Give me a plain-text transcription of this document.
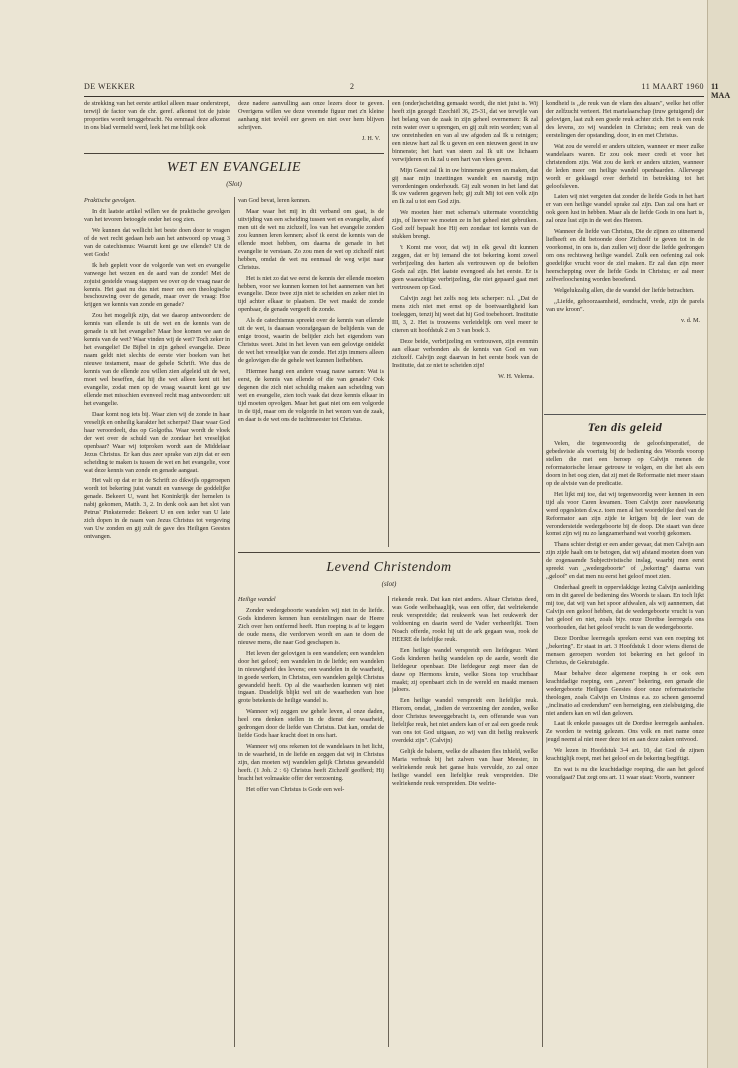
DE WEKKER	2	11 MAART 1960

de strekking van het eerste artikel alleen maar onderstrept, terwijl de factor van de chr. geref. afkomst tot de juiste proporties wordt teruggebracht. Nu eenmaal deze afkomst in ons blad vermeld werd, leek het me billijk ook

deze nadere aanvulling aan onze lezers door te geven. Overigens willen we deze vreemde figuur met z'n kleine aanhang niet tevéél eer geven en niet over hem blijven schrijven.

J. H. V.
WET EN EVANGELIE
(Slot)

Praktische gevolgen.

In dit laatste artikel willen we de praktische gevolgen van het tevoren betoogde onder het oog zien.

We kunnen dat wellicht het beste doen door te vragen of de wet recht gedaan heb aan het antwoord op vraag 3 van de catechismus: Waaruit kent ge uw ellende? Uit de wet Gods!

Ik heb gepleit voor de volgorde van wet en evangelie vanwege het wezen en de aard van de zonde! Met de zojuist gestelde vraag stappen we over op de vraag naar de kennis. Het gaat nu dus niet meer om een theologische beschouwing over de genade, maar over de vraag: Hoe krijgen we kennis van zonde en genade?

Zou het mogelijk zijn, dat we daarop antwoorden: de kennis van ellende is uit de wet en de kennis van de genade is uit het evangelie? Maar hoe komen we aan de kennis van de wet? Waar vinden wij de wet? Toch zeker in het evangelie! De Bijbel in zijn geheel evangelie. Deze naam geldt niet slechts de eerste vier boeken van het nieuwe testament, maar de gehele Schrift. Wie dus de kennis van de ellende zou willen zien afgeleid uit de wet, moet wel beseffen, dat hij die wet alleen kent uit het evangelie, zodat men op de vraag waaruit kent ge uw ellende met misschien evenveel recht mag antwoorden: uit het evangelie.

Daar komt nog iets bij. Waar zien wij de zonde in haar vreselijk en onheilig karakter het scherpst? Daar waar God haar veroordeelt, dus op Golgotha. Waar wordt de vloek der wet over de schuld van de zondaar het vreselijkst openbaar? Waar wij totproken wordt aan de Middelaar Jezus Christus. Er kan dus zeer sprake van zijn dat er een scheiding te maken is tussen de wet en het evangelie, voor wat deze kennis van zonde en genade aangaat.

Het valt op dat er in de Schrift zo dikwijls opgeroepen wordt tot bekering juist vanuit en vanwege de goddelijke genade. Bekeert U, want het Koninkrijk der hemelen is nabij gekomen, Matth. 3, 2. In denk ook aan het slot van Petrus' Pinksterrede: Bekeert U en een ieder van U late zich dopen in de naam van Jezus Christus tot vergeving van Uw zonden en gij zult de gave des Heiligen Geestes ontvangen.

van God bevat, leren kennen.

Maar waar het mij in dit verband om gaat, is de uitvijding van een scheiding tussen wet en evangelie, alsof men uit de wet nu zichzelf, los van het evangelie zonden zou kunnen leren kennen; alsof ik eerst de kennis van de ellende moet hebben, om daarna de genade in het evangelie te verstaan. Zo zou men de wet op zichzelf niet hebben, omdat de wet nu eenmaal de weg wijst naar Christus.

Het is niet zo dat we eerst de kennis der ellende moeten hebben, voor we kunnen komen tot het aannemen van het evangelie. Deze twee zijn niet te scheiden en zeker niet in tijd achter elkaar te plaatsen. De wet maakt de zonde openbaar, de genade vergeeft de zonde.

Als de catechismus spreekt over de kennis van ellende uit de wet, is daaraan voorafgegaan de belijdenis van de enige troost, waarin de belijder zich het eigendom van Christus weet. Juist in het leven van een gelovige ontdekt de wet het vreselijke van de zonde. Het zijn immers alleen de gelovigen die de gehele wet kunnen liefhebben.

Hiermee hangt een andere vraag nauw samen: Wat is eerst, de kennis van ellende of die van genade? Ook degenen die zich niet schuldig maken aan scheiding van wet en evangelie, zien toch vaak dat deze kennis elkaar in tijd moeten opvolgen. Maar het gaat niet om een volgorde in de tijd, maar om de volgorde in het wezen van de zaak, en daar is de wet ons de tuchtmeester tot Christus.

een (onder)scheiding gemaakt wordt, die niet juist is. Wij heeft zijn gezegd: Ezechiël 36, 25-31, dat we terwijle van het belang van de zaak in zijn geheel overnemen: Ik zal rein water over u sprengen, en gij zult rein worden; van al uw onreinheden en van al uw afgoden zal Ik u reinigen; een nieuw hart zal Ik u geven en een nieuwen geest in uw binnenste; het hart van steen zal Ik uit uw lichaam verwijderen en Ik zal u een hart van vlees geven.

Mijn Geest zal Ik in uw binnenste geven en maken, dat gij naar mijn inzettingen wandelt en naarstig mijn verordeningen onderhoudt. Gij zult wonen in het land dat Ik uw vaderen gegeven heb; gij zult Mij tot een volk zijn en Ik zal u tot een God zijn.

We moeten hier met schema's uitermate voorzichtig zijn, of lieever we moeten ze in het geheel niet gebruiken. God zelf bepaalt hoe Hij een zondaar tot kennis van de stukken brengt.

't Komt me voor, dat wij in elk geval dit kunnen zeggen, dat er bij iemand die tot bekering komt zowel verbrijzeling des harten als vertrouwen op de beloften Gods zal zijn. Het laatste evengoed als het eerste. Er is geen waarachtige verbrijzeling, die niet gepaard gaat met vertrouwen op God.

Calvijn zegt het zelfs nog iets scherper: n.l. ,,Dat de mens zich niet met ernst op de boetvaardigheid kan toeleggen, tenzij hij weet dat hij God toebehoort. Institutie III, 3, 2. Het is trouwens verleidelijk om veel meer te citeren uit hoofdstuk 2 en 3 van boek 3.

Deze beide, verbrijzeling en vertrouwen, zijn evenmin aan elkaar verbonden als de kennis van God en van zichzelf. Calvijn zegt daarvan in het eerste boek van de Institutie, dat ze niet te scheiden zijn!

W. H. Velema.

kondheid is ,,de reuk van de vlam des altaars", welke het offer der zelfzucht verteert. Het martelaarschap (truw getuigend) der gelovigen, laat zult een goede reuk achter zich. Het is een reuk des levens, zo wij wandelen in Christus; een reuk van de eerstelingen der opstanding, door, in en met Christus.

Wat zou de wereld er anders uitzien, wanneer er meer zulke wandelaars waren. Er zou ook meer credi et voor het christendom zijn. Wat zou de kerk er anders uitzien, wanneer de leden meer om heilige wandel openbaarden. Allerwege wordt er geklaagd over derheid in betrekking tot het geloofsleven.

Laten wij niet vergeten dat zonder de liefde Gods in het hart er van een heilige wandel sprake zal zijn. Dan zal ons hart er ook geen lust in hebben. Maar als de liefde Gods in ons hart is, zal onze lust zijn in de wet des Heeren.

Wanneer de liefde van Christus, Die de zijnen zo uitnemend liefheeft en dit betoonde door Zichzelf te geven tot in de voorkomst, in ons is, dan zullen wij door die liefde gedrongen om ons rechtsweg heilige wandel. Zulk een oefening zal ook goedelijke vrucht voor de ziel maken. Er zal dan zijn meer heerschepping over de liefde Gods in Christus; er zal meer zelfverloochening worden beoefend.

Welgelukzalig allen, die de wandel der liefde betrachten.

,,Liefde, gehoorzaamheid, eendracht, vrede, zijn de parels van uw kroon".

v. d. M.
Ten dis geleid

Velen, die tegenwoordig de geloofsinperatief, de gebedsvisie als voertuig bij de bediening des Woords voorop stellen die met een beroep op Calvijn menen de reformatorische leraar getrouw te volgen, en die het als een doorn in het oog zien, dat zij met de Reformatie niet meer staan op de alvisie van de predicatie.

Het lijkt mij toe, dat wij tegenwoordig weer kennen in een tijd als voor Caren kwamen. Toen Calvijn zeer nauwkeurig werd opgesloten d.w.z. toen men al het woordelijke deel van de Reformator aan zijn zijde te krijgen bij de leer van de verondersteide wedergeboorte bij de doop. Die staart van deze komst zijn wij nu zo langzamerhand wat voorbij gekomen.

Thans schier dreigt er een ander gevaar, dat men Calvijn aan zijn zijde haalt om te betogen, dat wij afstand moeten doen van de zogenaamde Subjectivistische inslag, waarbij men eerst spreekt van ,,wedergeboorte" of ,,bekering" daarna van ,,geloof" en dat men nu eerst het geloof moet zien.

Onderhaal greeft in oppervlakkige lezing Calvijn aanleiding om in dit gareel de bediening des Woords te slaan. En toch lijkt mij toe, dat wij van het spoor afdwalen, als wij aannemen, dat Calvijn een geloof hebben, dat de wedergeboorte vrucht is van het geloof en niet, zoals bijv. onze Dordtse leerregels ons voorhouden, dat het geloof vrucht is van de wedergeboorte.

Deze Dordtse leerregels spreken eerst van een roeping tot ,,bekering". Er staat in art. 3 Hoofdstuk 1 door wiens dienst de mensen geroepen worden tot bekering en het geloof in Christus, de Gekruisigde.

Maar behalve deze algemene roeping is er ook een krachtdadige roeping, een ,,zeven" bekering, een genade die wedergeboorte Heiligen Geestes door onze reformatorische theologen, zoals Calvijn en Ursinus e.a. zo scheen genoemd ,,inclinatio ad credendum" een herneiging, een zielsbuiging, die niet anders kan en wil dan geloven.

Laat ik enkele passages uit de Dordtse leerregels aanhalen. Ze worden te weinig gelezen. Ons volk en met name onze jeugd neemt al niet meer deze tot en aan deze zaken ontvood.

We lezen in Hoofdstuk 3-4 art. 10, dat God de zijnen krachtiglijk roept, met het geloof en de bekering begiftigt.

En wat is nu die krachtdadige roeping, die aan het geloof voorafgaat? Dat zegt ons art. 11 waar staat: Voorts, wanneer

Levend Christendom
(slot)

Heilige wandel

Zonder wedergeboorte wandelen wij niet in de liefde. Gods kinderen kennen hun eerstelingen naar de Heere Zich over hen ontfermd heeft. Hun roeping is af te leggen de oude mens, die verdorven wordt en aan te doen de nieuwe mens, die naar God geschapen is.

Het leven der gelovigen is een wandelen; een wandelen door het geloof; een wandelen in de liefde; een wandelen in nieuwigheid des levens; een wandelen in de waarheid, in goede werken, in Christus, een wandelen gelijk Christus gewandeld heeft. Op al die waarheden kunnen wij niet ingaan. Dusdelijk blijkt wel uit de waarheden van hoe grote betekenis de heilige wandel is.

Wanneer wij zeggen uw gehele leven, al onze daden, heel ons denken stellen in de dienst der waarheid, gedrongen door de liefde van Christus. Dat kan, omdat de liefde Gods haar kracht doet in ons hart.

Wanneer wij ons rekenen tot de wandelaars in het licht, in de waarheid, in de liefde en zeggen dat wij in Christus zijn, dan moeten wij wandelen gelijk Christus gewandeld heeft. (1 Joh. 2 : 6) Christus heeft Zichzelf geofferd; Hij bracht het volmaakte offer der verzoening.

Het offer van Christus is Gode een wel-

riekende reuk. Dat kan niet anders. Altaar Christus deed, was Gode welbehaaglijk, was een offer, dat welriekende reuk verspreidde; dat reukwerk was het reukwerk der voldoening en daarin werd de Vader verheerlijkt. Toen Noach offerde, rookt hij uit de ark gegaan was, rook de HEERE de liefelijke reuk.

Een heilige wandel verspreidt een liefdegeur. Want Gods kinderen heilig wandelen op de aarde, wordt die liefdegeur openbaar. Die liefdegeur zegt meer dan de dauw op Hermons kruin, welke Sions top vruchtbaar maakt; zij openbaart zich in de wereld en maakt mensen jaloers.

Een heilige wandel verspreidt een liefelijke reuk. Hierom, omdat, ,,indien de verzoening der zonden, welke door Christus teweeggebracht is, een offerande was van liefelijke reuk, het niet anders kan of er zal een goede reuk van ons tot God uitgaan, zo wij van dit heilig reukwerk overdekt zijn". (Calvijn)

Gelijk de balsem, welke de albasten fles inhield, welke Maria verbrak bij het zalven van haar Meester, in welriekende reuk het ganse huis vervulde, zo zal onze heilige wandel een liefelijke reuk verspreiden. Die welriekende reuk verspreiden. Die welrie-

11 MAA
